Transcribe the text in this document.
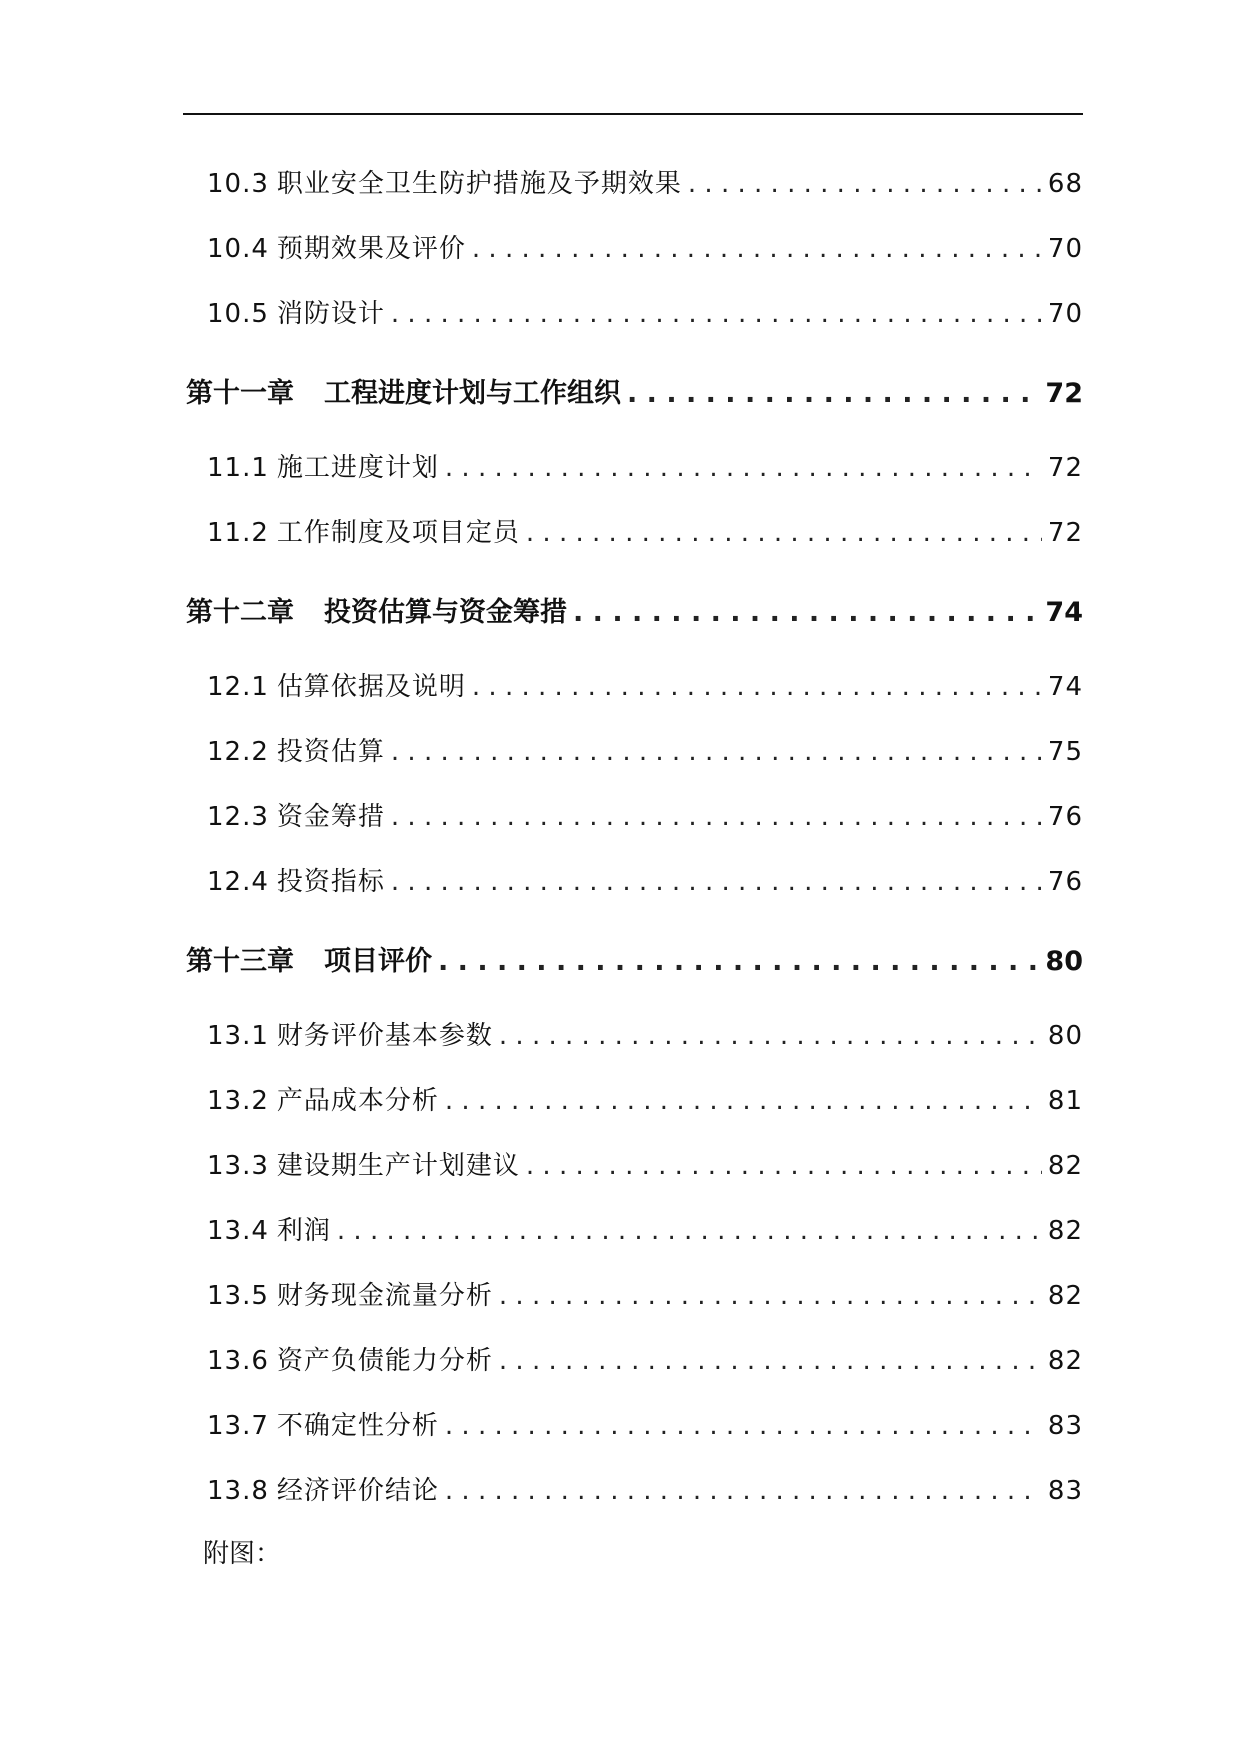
10.3 职业安全卫生防护措施及予期效果 . . .	68
10.4 预期效果及评价 . . .	70
10.5 消防设计 . . .	70
第十一章 工程进度计划与工作组织 . . .	72
11.1 施工进度计划 . . .	72
11.2 工作制度及项目定员 . . .	72
第十二章 投资估算与资金筹措 . . .	74
12.1 估算依据及说明 . . .	74
12.2 投资估算 . . .	75
12.3 资金筹措 . . .	76
12.4 投资指标 . . .	76
第十三章 项目评价 . . .	80
13.1 财务评价基本参数 . . .	80
13.2 产品成本分析 . . .	81
13.3 建设期生产计划建议 . . .	82
13.4 利润 . . .	82
13.5 财务现金流量分析 . . .	82
13.6 资产负债能力分析 . . .	82
13.7 不确定性分析 . . .	83
13.8 经济评价结论 . . .	83
附图：
